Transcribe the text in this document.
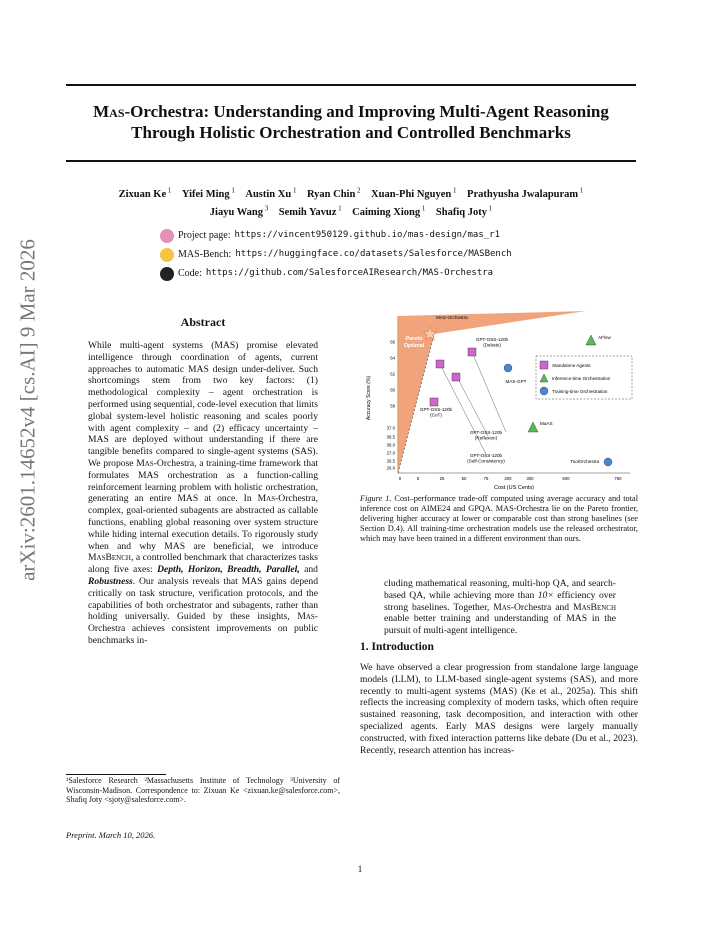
arXiv:2601.14652v4 [cs.AI] 9 Mar 2026
Mas-Orchestra: Understanding and Improving Multi-Agent Reasoning
Through Holistic Orchestration and Controlled Benchmarks
Zixuan Ke $^1$  Yifei Ming $^1$  Austin Xu $^1$  Ryan Chin $^2$  Xuan-Phi Nguyen $^1$  Prathyusha Jwalapuram $^1$
Jiayu Wang $^3$  Semih Yavuz $^1$  Caiming Xiong $^1$  Shafiq Joty $^1$
Project page: https://vincent950129.github.io/mas-design/mas_r1
MAS-Bench: https://huggingface.co/datasets/Salesforce/MASBench
Code: https://github.com/SalesforceAIResearch/MAS-Orchestra
Abstract
While multi-agent systems (MAS) promise elevated intelligence through coordination of agents, current approaches to automatic MAS design under-deliver. Such shortcomings stem from two key factors: (1) methodological complexity – agent orchestration is performed using sequential, code-level execution that limits global system-level holistic reasoning and scales poorly with agent complexity – and (2) efficacy uncertainty – MAS are deployed without understanding if there are tangible benefits compared to single-agent systems (SAS). We propose Mas-Orchestra, a training-time framework that formulates MAS orchestration as a function-calling reinforcement learning problem with holistic orchestration, generating an entire MAS at once. In Mas-Orchestra, complex, goal-oriented subagents are abstracted as callable functions, enabling global reasoning over system structure while hiding internal execution details. To rigorously study when and why MAS are beneficial, we introduce MasBench, a controlled benchmark that characterizes tasks along five axes: Depth, Horizon, Breadth, Parallel, and Robustness. Our analysis reveals that MAS gains depend critically on task structure, verification protocols, and the capabilities of both orchestrator and subagents, rather than holding universally. Guided by these insights, Mas-Orchestra achieves consistent improvements on public benchmarks in-
¹Salesforce Research ²Massachusetts Institute of Technology ³University of Wisconsin-Madison. Correspondence to: Zixuan Ke <zixuan.ke@salesforce.com>, Shafiq Joty <sjoty@salesforce.com>.
Preprint. March 10, 2026.
Pareto Optimal
26.0
26.5
27.0
36.0
36.5
37.0
58
60
62
64
66
0	5	25	50	75	200	300	600	760
Cost (US Cents)
Accuracy Score (%)
MAS-Orchestra
GPT-OSS-120b (Debate)
AFlow
MAS-GPT
GPT-OSS-120b (CoT)
GPT-OSS-120b (Reflexion)
GPT-OSS-120b (Self-Consistency)
MaAS
ToolOrchestra
Standalone Agents
Inference-time Orchestration
Training-time Orchestration
Figure 1. Cost–performance trade-off computed using average accuracy and total inference cost on AIME24 and GPQA. MAS-Orchestra lie on the Pareto frontier, delivering higher accuracy at lower or comparable cost than strong baselines (see Section D.4). All training-time orchestration models use the released orchestrator, which may have been trained in a different environment than ours.
cluding mathematical reasoning, multi-hop QA, and search-based QA, while achieving more than 10× efficiency over strong baselines. Together, Mas-Orchestra and MasBench enable better training and understanding of MAS in the pursuit of multi-agent intelligence.
1. Introduction
We have observed a clear progression from standalone large language models (LLM), to LLM-based single-agent systems (SAS), and more recently to multi-agent systems (MAS) (Ke et al., 2025a). This shift reflects the increasing complexity of modern tasks, which often require sustained reasoning, task decomposition, and interaction with other specialized agents. Early MAS designs were largely manually constructed, with fixed interaction patterns like debate (Du et al., 2023). Recently, research attention has increas-
1
